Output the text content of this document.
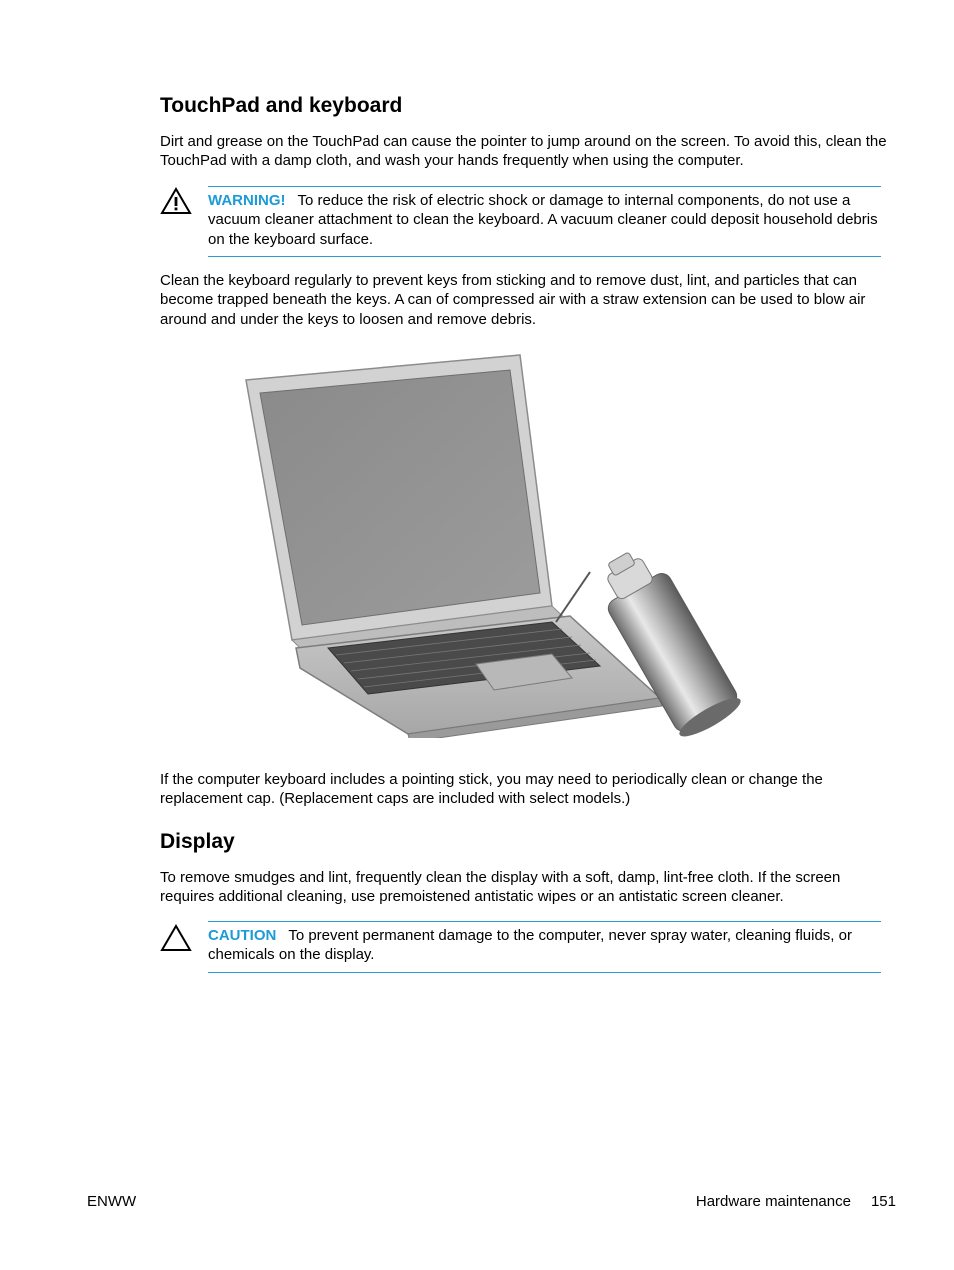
TouchPad and keyboard

Dirt and grease on the TouchPad can cause the pointer to jump around on the screen. To avoid this, clean the TouchPad with a damp cloth, and wash your hands frequently when using the computer.

WARNING! To reduce the risk of electric shock or damage to internal components, do not use a vacuum cleaner attachment to clean the keyboard. A vacuum cleaner could deposit household debris on the keyboard surface.

Clean the keyboard regularly to prevent keys from sticking and to remove dust, lint, and particles that can become trapped beneath the keys. A can of compressed air with a straw extension can be used to blow air around and under the keys to loosen and remove debris.

If the computer keyboard includes a pointing stick, you may need to periodically clean or change the replacement cap. (Replacement caps are included with select models.)

Display

To remove smudges and lint, frequently clean the display with a soft, damp, lint-free cloth. If the screen requires additional cleaning, use premoistened antistatic wipes or an antistatic screen cleaner.

CAUTION To prevent permanent damage to the computer, never spray water, cleaning fluids, or chemicals on the display.
ENWW	Hardware maintenance 151
